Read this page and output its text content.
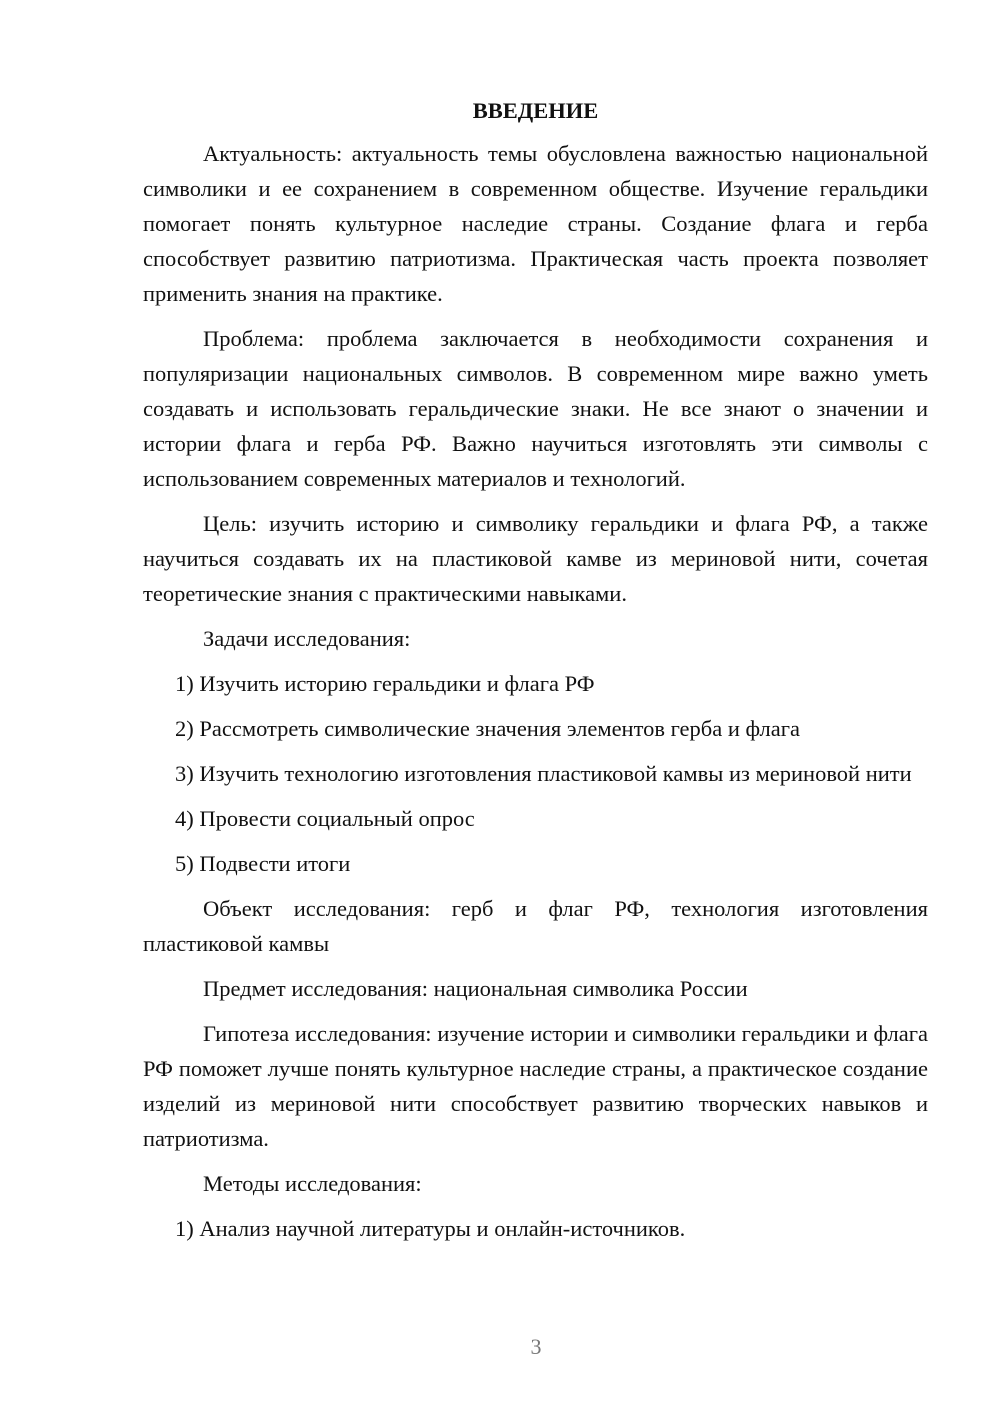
ВВЕДЕНИЕ
Актуальность: актуальность темы обусловлена важностью национальной символики и ее сохранением в современном обществе. Изучение геральдики помогает понять культурное наследие страны. Создание флага и герба способствует развитию патриотизма. Практическая часть проекта позволяет применить знания на практике.
Проблема: проблема заключается в необходимости сохранения и популяризации национальных символов. В современном мире важно уметь создавать и использовать геральдические знаки. Не все знают о значении и истории флага и герба РФ. Важно научиться изготовлять эти символы с использованием современных материалов и технологий.
Цель: изучить историю и символику геральдики и флага РФ, а также научиться создавать их на пластиковой камве из мериновой нити, сочетая теоретические знания с практическими навыками.
Задачи исследования:
1) Изучить историю геральдики и флага РФ
2) Рассмотреть символические значения элементов герба и флага
3) Изучить технологию изготовления пластиковой камвы из мериновой нити
4) Провести социальный опрос
5) Подвести итоги
Объект исследования: герб и флаг РФ, технология изготовления пластиковой камвы
Предмет исследования: национальная символика России
Гипотеза исследования: изучение истории и символики геральдики и флага РФ поможет лучше понять культурное наследие страны, а практическое создание изделий из мериновой нити способствует развитию творческих навыков и патриотизма.
Методы исследования:
1) Анализ научной литературы и онлайн-источников.
3
